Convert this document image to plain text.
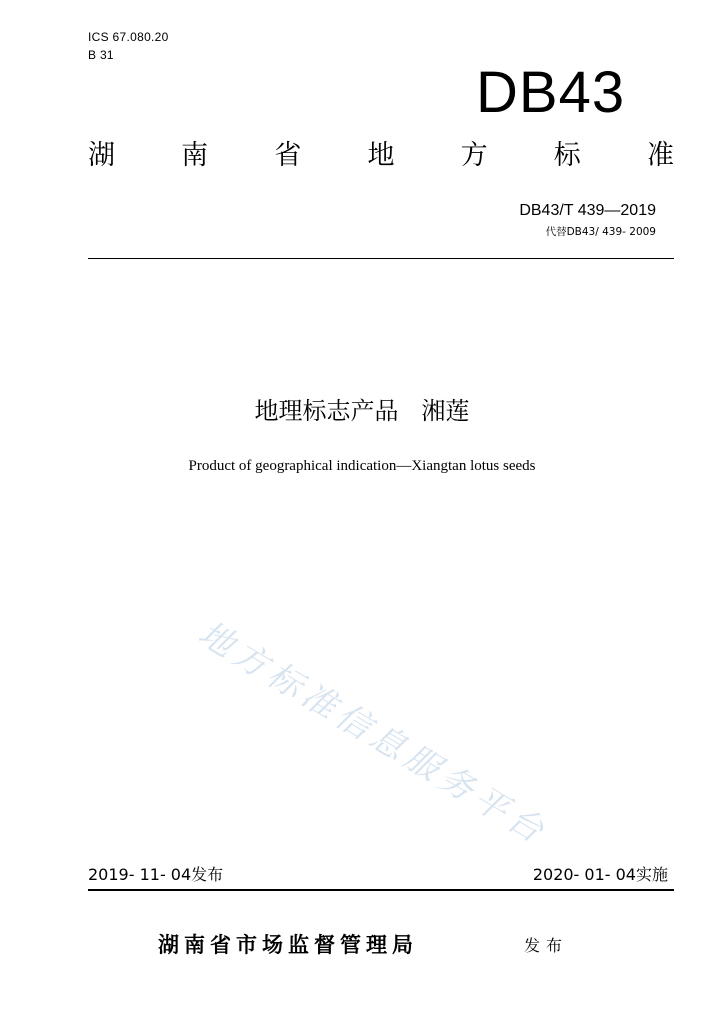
ICS 67.080.20
B 31
DB43
湖 南 省 地 方 标 准
DB43/T 439—2019
代替DB43/ 439- 2009
地理标志产品   湘莲
Product of geographical indication—Xiangtan lotus seeds
地方标准信息服务平台
2019- 11- 04发布	2020- 01- 04实施
湖南省市场监督管理局	发布
